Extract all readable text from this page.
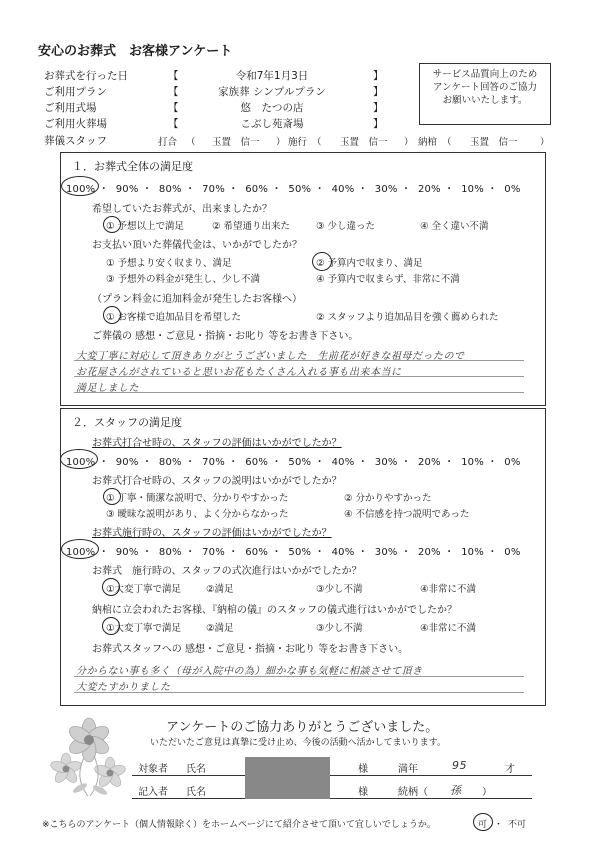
安心のお葬式　お客様アンケート
お葬式を行った日	【	令和7年1月3日	】
ご利用プラン	【	家族葬 シンプルプラン	】
ご利用式場	【	悠　たつの店	】
ご利用火葬場	【	こぶし苑斎場	】
葬儀スタッフ	打合 （ 玉置　信一 ） 施行 （ 玉置　信一 ） 納棺 （ 玉置　信一 ）
サービス品質向上のため
アンケート回答のご協力
お願いいたします。
１．お葬式全体の満足度
100% ・  90% ・  80% ・  70% ・  60% ・  50% ・  40% ・  30% ・  20% ・  10% ・  0%
希望していたお葬式が、出来ましたか？
① 予想以上で満足	② 希望通り出来た	③ 少し違った	④ 全く違い不満
お支払い頂いた葬儀代金は、いかがでしたか？
① 予想より安く収まり、満足	② 予算内で収まり、満足
③ 予想外の料金が発生し、少し不満	④ 予算内で収まらず、非常に不満
（プラン料金に追加料金が発生したお客様へ）
① お客様で追加品目を希望した	② スタッフより追加品目を強く薦められた
ご葬儀の 感想・ご意見・指摘・お叱り 等をお書き下さい。
大変丁寧に対応して頂きありがとうございました　生前花が好きな祖母だったので
お花屋さんがされていると思いお花もたくさん入れる事も出来本当に
満足しました
２．スタッフの満足度
お葬式打合せ時の、スタッフの評価はいかがでしたか？
100% ・  90% ・  80% ・  70% ・  60% ・  50% ・  40% ・  30% ・  20% ・  10% ・  0%
お葬式打合せ時の、スタッフの説明はいかがでしたか？
① 丁寧・簡潔な説明で、分かりやすかった	② 分かりやすかった
③ 曖昧な説明があり、よく分からなかった	④ 不信感を持つ説明であった
お葬式施行時の、スタッフの評価はいかがでしたか？
100% ・  90% ・  80% ・  70% ・  60% ・  50% ・  40% ・  30% ・  20% ・  10% ・  0%
お葬式　施行時の、スタッフの式次進行はいかがでしたか？
①大変丁寧で満足	②満足	③少し不満	④非常に不満
納棺に立会われたお客様、『納棺の儀』のスタッフの儀式進行はいかがでしたか？
①大変丁寧で満足	②満足	③少し不満	④非常に不満
お葬式スタッフへの 感想・ご意見・指摘・お叱り 等をお書き下さい。
分からない事も多く（母が入院中の為）細かな事も気軽に相談させて頂き
大変たすかりました
アンケートのご協力ありがとうございました。
いただいたご意見は真摯に受け止め、今後の活動へ活かしてまいります。
対象者 氏名	様	満年	95	才
記入者 氏名	様	続柄（ 孫 ）
※こちらのアンケート（個人情報除く）をホームページにて紹介させて頂いて宜しいでしょうか。	可 ・ 不可
